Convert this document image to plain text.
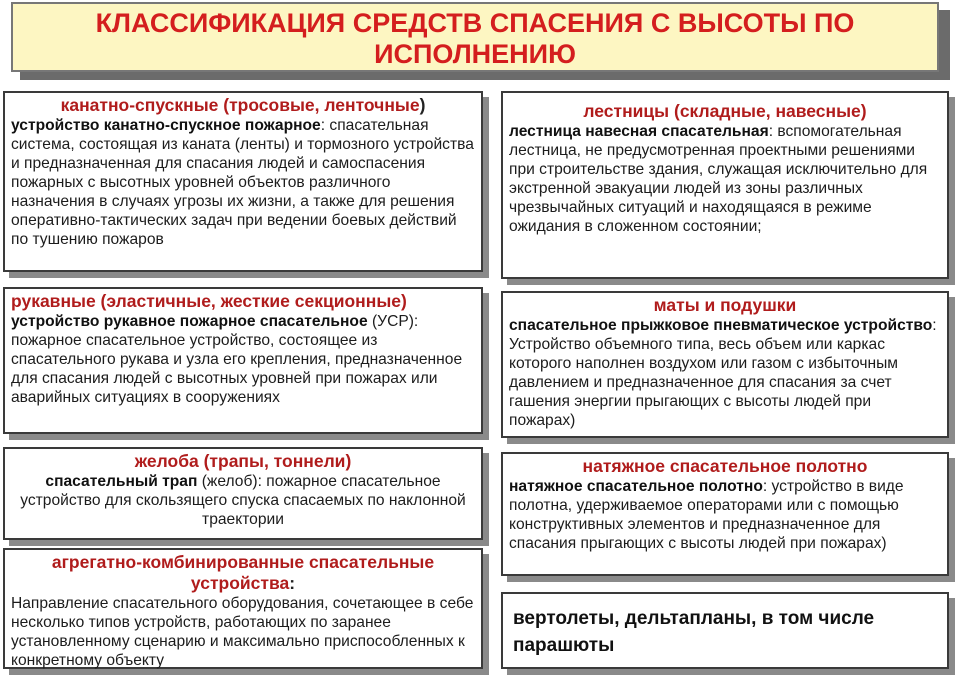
КЛАССИФИКАЦИЯ СРЕДСТВ СПАСЕНИЯ С ВЫСОТЫ ПО ИСПОЛНЕНИЮ
канатно-спускные (тросовые, ленточные)
устройство канатно-спускное пожарное: спасательная система, состоящая из каната (ленты) и тормозного устройства и предназначенная для спасания людей и самоспасения пожарных с высотных уровней объектов различного назначения в случаях угрозы их жизни, а также для решения оперативно-тактических задач при ведении боевых действий по тушению пожаров
рукавные (эластичные, жесткие секционные)
устройство рукавное пожарное спасательное (УСР): пожарное спасательное устройство, состоящее из спасательного рукава и узла его крепления, предназначенное для спасания людей с высотных уровней при пожарах или аварийных ситуациях в сооружениях
желоба (трапы, тоннели)
спасательный трап (желоб): пожарное спасательное устройство для скользящего спуска спасаемых по наклонной траектории
агрегатно-комбинированные спасательные устройства:
Направление спасательного оборудования, сочетающее в себе несколько типов устройств, работающих по заранее установленному сценарию и максимально приспособленных к конкретному объекту
лестницы (складные, навесные)
лестница навесная спасательная: вспомогательная лестница, не предусмотренная проектными решениями при строительстве здания, служащая исключительно для экстренной эвакуации людей из зоны различных чрезвычайных ситуаций и находящаяся в режиме ожидания в сложенном состоянии;
маты и подушки
спасательное прыжковое пневматическое устройство: Устройство объемного типа, весь объем или каркас которого наполнен воздухом или газом с избыточным давлением и предназначенное для спасания за счет гашения энергии прыгающих с высоты людей при пожарах)
натяжное спасательное полотно
натяжное спасательное полотно: устройство в виде полотна, удерживаемое операторами или с помощью конструктивных элементов и предназначенное для спасания прыгающих с высоты людей при пожарах)
вертолеты, дельтапланы, в том числе парашюты
